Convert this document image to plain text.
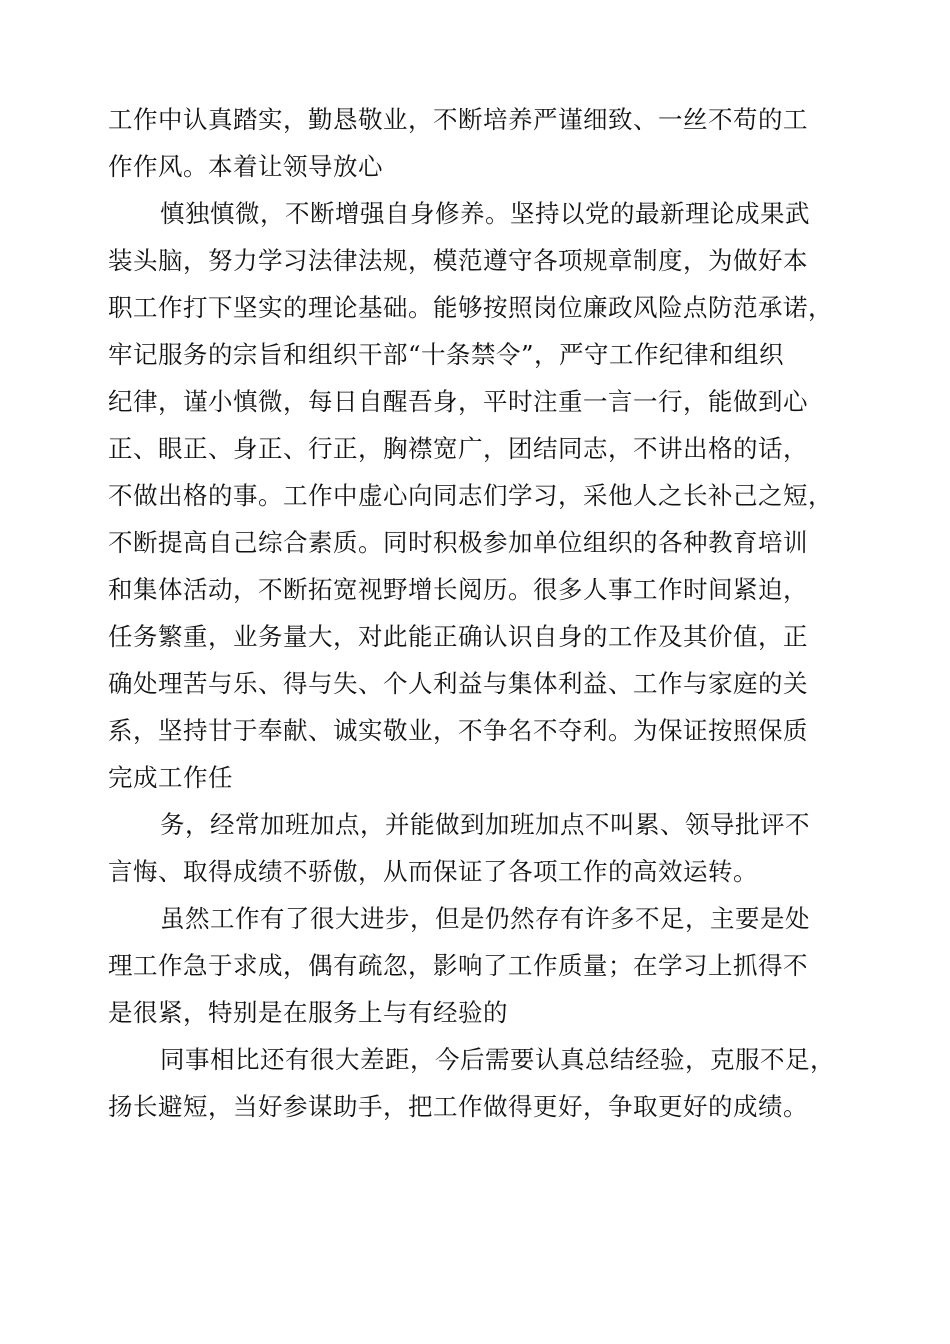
工作中认真踏实，勤恳敬业，不断培养严谨细致、一丝不苟的工
作作风。本着让领导放心
慎独慎微，不断增强自身修养。坚持以党的最新理论成果武
装头脑，努力学习法律法规，模范遵守各项规章制度，为做好本
职工作打下坚实的理论基础。能够按照岗位廉政风险点防范承诺，
牢记服务的宗旨和组织干部“十条禁令”，严守工作纪律和组织
纪律，谨小慎微，每日自醒吾身，平时注重一言一行，能做到心
正、眼正、身正、行正，胸襟宽广，团结同志，不讲出格的话，
不做出格的事。工作中虚心向同志们学习，采他人之长补己之短，
不断提高自己综合素质。同时积极参加单位组织的各种教育培训
和集体活动，不断拓宽视野增长阅历。很多人事工作时间紧迫，
任务繁重，业务量大，对此能正确认识自身的工作及其价值，正
确处理苦与乐、得与失、个人利益与集体利益、工作与家庭的关
系，坚持甘于奉献、诚实敬业，不争名不夺利。为保证按照保质
完成工作任
务，经常加班加点，并能做到加班加点不叫累、领导批评不
言悔、取得成绩不骄傲，从而保证了各项工作的高效运转。
虽然工作有了很大进步，但是仍然存有许多不足，主要是处
理工作急于求成，偶有疏忽，影响了工作质量；在学习上抓得不
是很紧，特别是在服务上与有经验的
同事相比还有很大差距，今后需要认真总结经验，克服不足，
扬长避短，当好参谋助手，把工作做得更好，争取更好的成绩。
